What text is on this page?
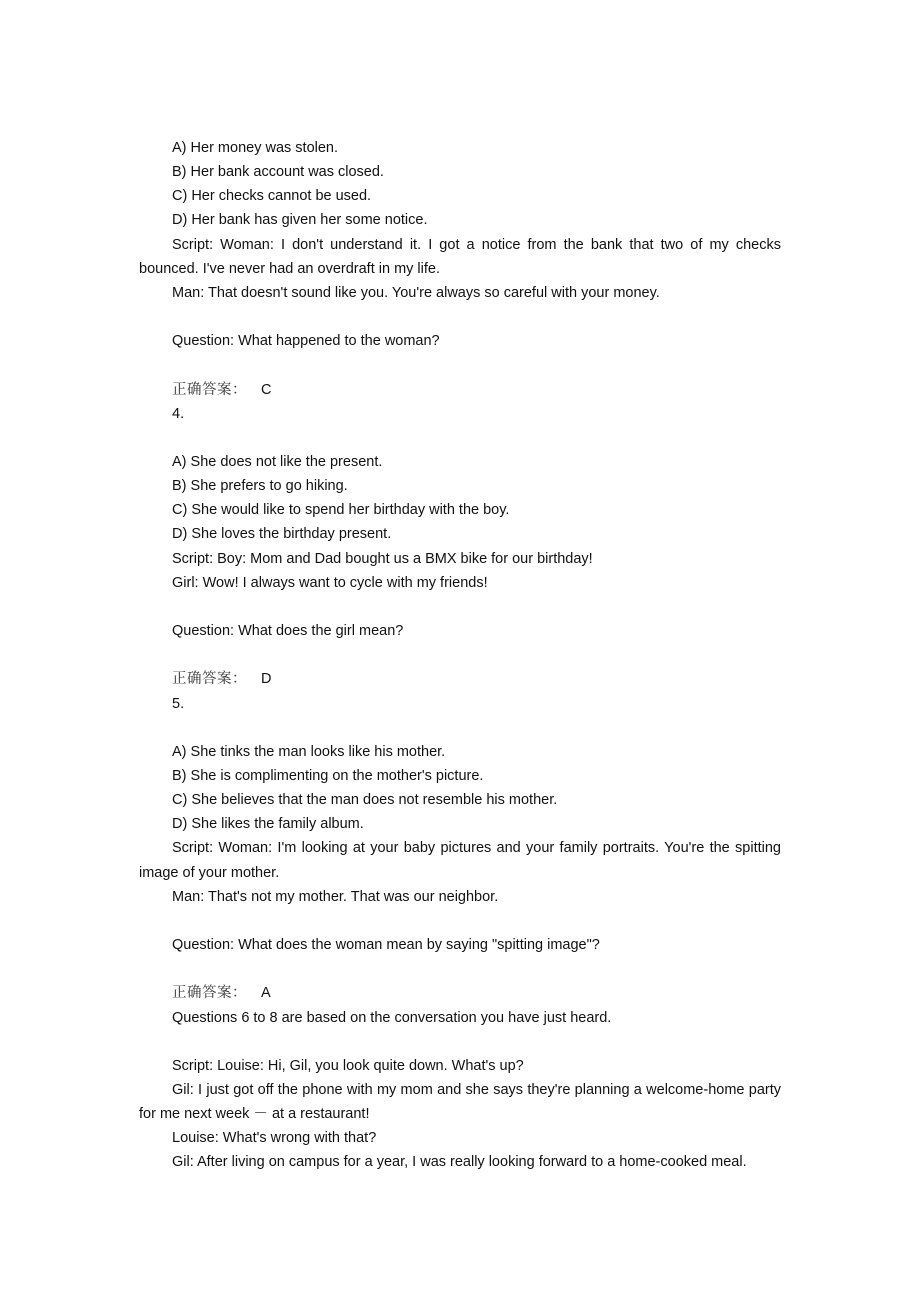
A) Her money was stolen.

B) Her bank account was closed.

C) Her checks cannot be used.

D) Her bank has given her some notice.

Script: Woman: I don't understand it. I got a notice from the bank that two of my checks bounced. I've never had an overdraft in my life.

Man: That doesn't sound like you. You're always so careful with your money.

Question: What happened to the woman?

正确答案： C

4.

A) She does not like the present.

B) She prefers to go hiking.

C) She would like to spend her birthday with the boy.

D) She loves the birthday present.

Script: Boy: Mom and Dad bought us a BMX bike for our birthday!

Girl: Wow! I always want to cycle with my friends!

Question: What does the girl mean?

正确答案： D

5.

A) She tinks the man looks like his mother.

B) She is complimenting on the mother's picture.

C) She believes that the man does not resemble his mother.

D) She likes the family album.

Script: Woman: I'm looking at your baby pictures and your family portraits. You're the spitting image of your mother.

Man: That's not my mother. That was our neighbor.

Question: What does the woman mean by saying "spitting image"?

正确答案： A

Questions 6 to 8 are based on the conversation you have just heard.

Script: Louise: Hi, Gil, you look quite down. What's up?

Gil: I just got off the phone with my mom and she says they're planning a welcome-home party for me next week － at a restaurant!

Louise: What's wrong with that?

Gil: After living on campus for a year, I was really looking forward to a home-cooked meal.
